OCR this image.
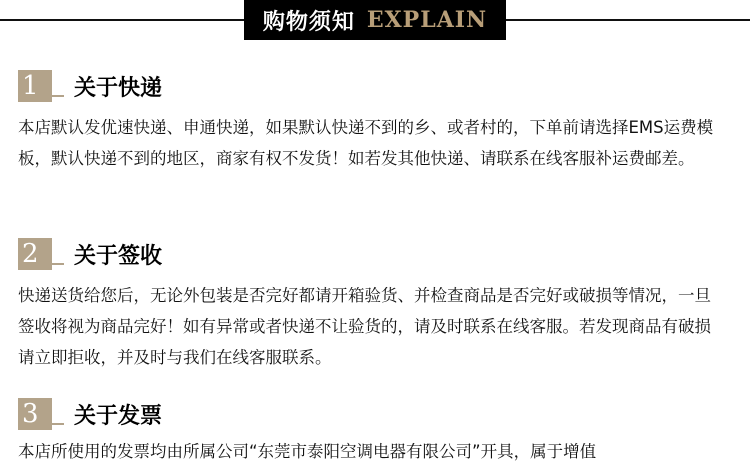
购物须知 EXPLAIN
1	关于快递

本店默认发优速快递、申通快递，如果默认快递不到的乡、或者村的，下单前请选择EMS运费模板，默认快递不到的地区，商家有权不发货！如若发其他快递、请联系在线客服补运费邮差。

2	关于签收

快递送货给您后，无论外包装是否完好都请开箱验货、并检查商品是否完好或破损等情况，一旦签收将视为商品完好！如有异常或者快递不让验货的，请及时联系在线客服。若发现商品有破损请立即拒收，并及时与我们在线客服联系。

3	关于发票

本店所使用的发票均由所属公司“东莞市泰阳空调电器有限公司”开具，属于增值
